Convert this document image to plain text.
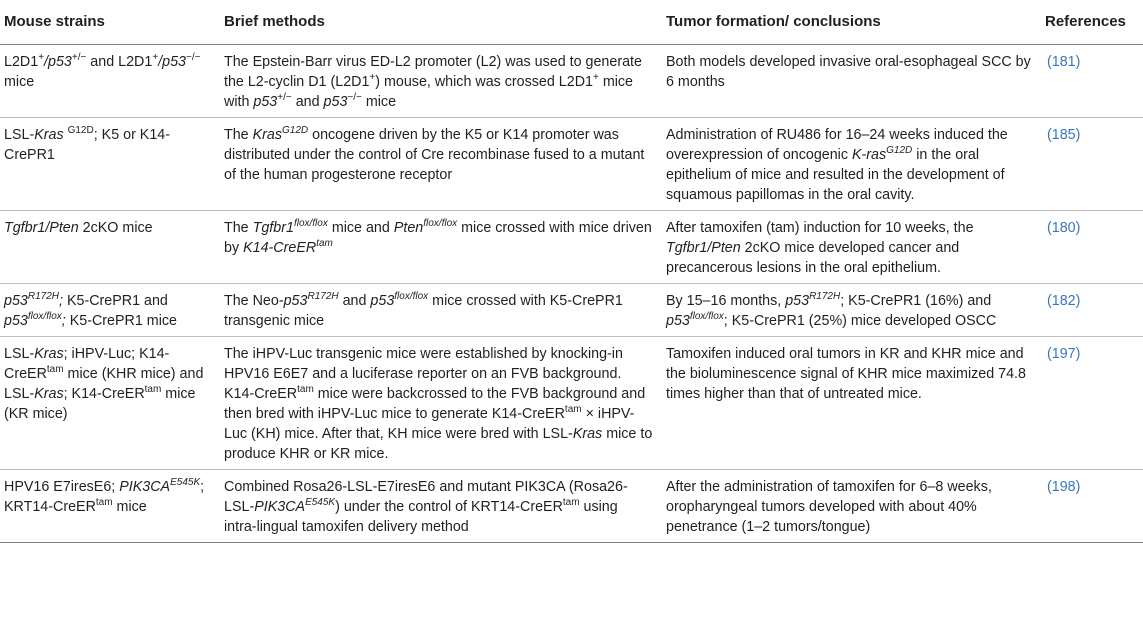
Mouse strains	Brief methods	Tumor formation/ conclusions	References
L2D1+/p53+/− and L2D1+/p53−/− mice	The Epstein-Barr virus ED-L2 promoter (L2) was used to generate the L2-cyclin D1 (L2D1+) mouse, which was crossed L2D1+ mice with p53+/− and p53−/− mice	Both models developed invasive oral-esophageal SCC by 6 months	(181)
LSL-Kras $^{G12D}$; K5 or K14-CrePR1	The Kras$^{G12D}$ oncogene driven by the K5 or K14 promoter was distributed under the control of Cre recombinase fused to a mutant of the human progesterone receptor	Administration of RU486 for 16–24 weeks induced the overexpression of oncogenic K-ras$^{G12D}$ in the oral epithelium of mice and resulted in the development of squamous papillomas in the oral cavity.	(185)
Tgfbr1/Pten 2cKO mice	The $Tgfbr1^{flox/flox}$ mice and Pten$^{flox/flox}$ mice crossed with mice driven by K14-CreER$^{tam}$	After tamoxifen (tam) induction for 10 weeks, the Tgfbr1/Pten 2cKO mice developed cancer and precancerous lesions in the oral epithelium.	(180)
$p53^{R172H}$; K5-CrePR1 and $p53^{flox/flox}$; K5-CrePR1 mice	The Neo-$p53^{R172H}$ and $p53^{flox/flox}$ mice crossed with K5-CrePR1 transgenic mice	By 15–16 months, $p53^{R172H}$; K5-CrePR1 (16%) and $p53^{flox/flox}$; K5-CrePR1 (25%) mice developed OSCC	(182)
LSL-Kras; iHPV-Luc; K14-CreER$^{tam}$ mice (KHR mice) and LSL-Kras; K14-CreER$^{tam}$ mice (KR mice)	The iHPV-Luc transgenic mice were established by knocking-in HPV16 E6E7 and a luciferase reporter on an FVB background. K14-CreER$^{tam}$ mice were backcrossed to the FVB background and then bred with iHPV-Luc mice to generate K14-CreER$^{tam}$ × iHPV-Luc (KH) mice. After that, KH mice were bred with LSL-Kras mice to produce KHR or KR mice.	Tamoxifen induced oral tumors in KR and KHR mice and the bioluminescence signal of KHR mice maximized 74.8 times higher than that of untreated mice.	(197)
HPV16 E7iresE6; $PIK3CA^{E545K}$; KRT14-CreER$^{tam}$ mice	Combined Rosa26-LSL-E7iresE6 and mutant PIK3CA $(Rosa26-LSL-PIK3CA^{E545K})$ under the control of KRT14-CreER$^{tam}$ using intra-lingual tamoxifen delivery method	After the administration of tamoxifen for 6–8 weeks, oropharyngeal tumors developed with about 40% penetrance (1–2 tumors/tongue)	(198)
